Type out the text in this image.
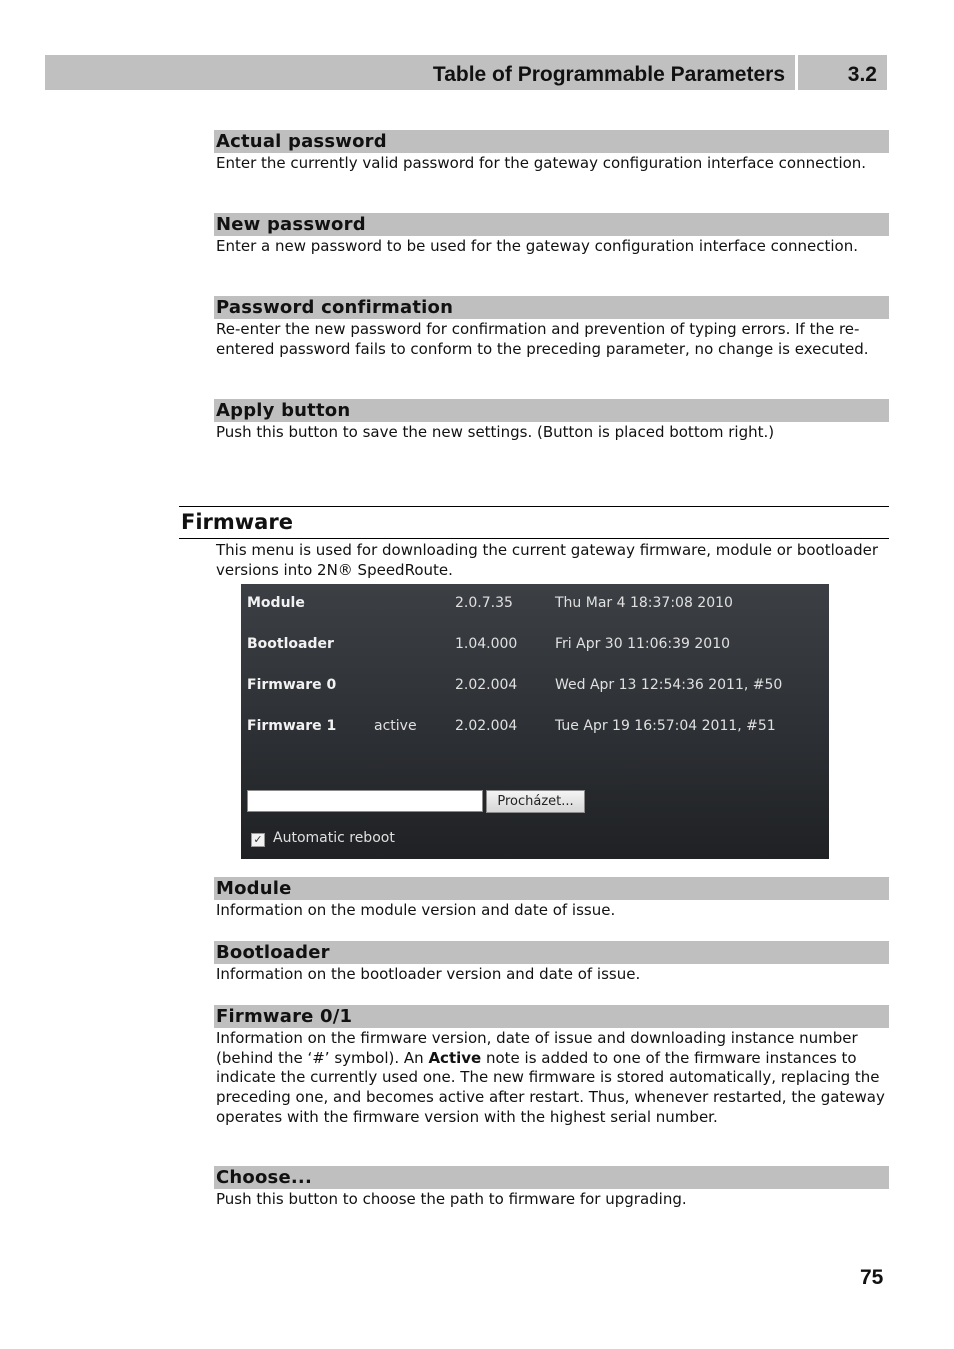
Table of Programmable Parameters	3.2
Actual password
Enter the currently valid password for the gateway configuration interface connection.
New password
Enter a new password to be used for the gateway configuration interface connection.
Password confirmation
Re-enter the new password for confirmation and prevention of typing errors. If the re-entered password fails to conform to the preceding parameter, no change is executed.
Apply button
Push this button to save the new settings. (Button is placed bottom right.)
Firmware
This menu is used for downloading the current gateway firmware, module or bootloader versions into 2N® SpeedRoute.
Module	2.0.7.35	Thu Mar 4 18:37:08 2010
Bootloader	1.04.000	Fri Apr 30 11:06:39 2010
Firmware 0	2.02.004	Wed Apr 13 12:54:36 2011, #50
Firmware 1	active	2.02.004	Tue Apr 19 16:57:04 2011, #51
Procházet...
✓ Automatic reboot
Module
Information on the module version and date of issue.
Bootloader
Information on the bootloader version and date of issue.
Firmware 0/1
Information on the firmware version, date of issue and downloading instance number (behind the ‘#’ symbol). An Active note is added to one of the firmware instances to indicate the currently used one. The new firmware is stored automatically, replacing the preceding one, and becomes active after restart. Thus, whenever restarted, the gateway operates with the firmware version with the highest serial number.
Choose...
Push this button to choose the path to firmware for upgrading.
75
